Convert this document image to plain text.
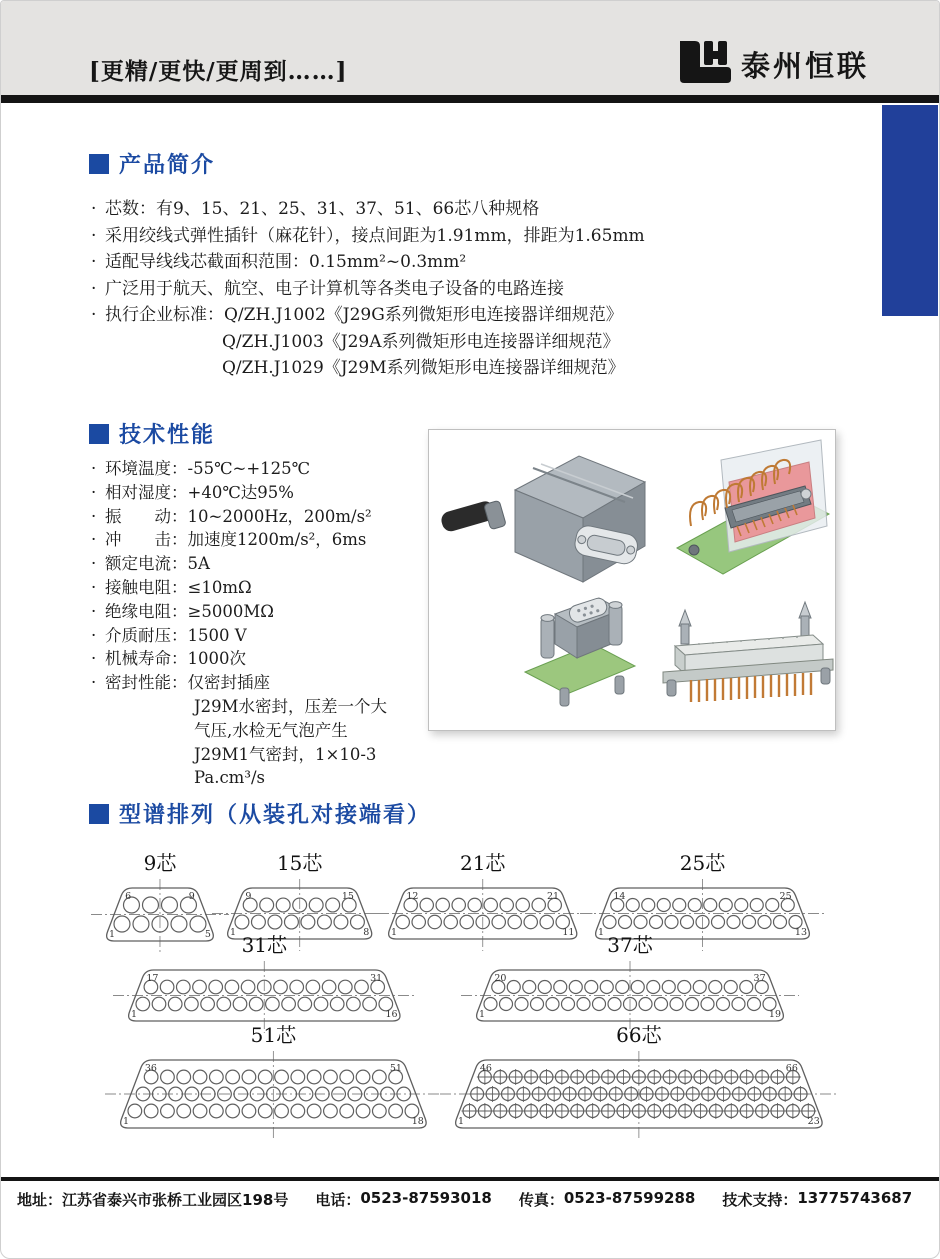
[更精/更快/更周到……]	泰州恒联
产品简介
· 芯数：有9、15、21、25、31、37、51、66芯八种规格
· 采用绞线式弹性插针（麻花针），接点间距为1.91mm，排距为1.65mm
· 适配导线线芯截面积范围：0.15mm²~0.3mm²
· 广泛用于航天、航空、电子计算机等各类电子设备的电路连接
· 执行企业标准：Q/ZH.J1002《J29G系列微矩形电连接器详细规范》
Q/ZH.J1003《J29A系列微矩形电连接器详细规范》
Q/ZH.J1029《J29M系列微矩形电连接器详细规范》
技术性能
· 环境温度：-55℃~+125℃
· 相对湿度：+40℃达95%
· 振　　动：10~2000Hz，200m/s²
· 冲　　击：加速度1200m/s²，6ms
· 额定电流：5A
· 接触电阻：≤10mΩ
· 绝缘电阻：≥5000MΩ
· 介质耐压：1500 V
· 机械寿命：1000次
· 密封性能：仅密封插座
J29M水密封，压差一个大
气压,水检无气泡产生
J29M1气密封，1×10-3 Pa.cm³/s
型谱排列（从装孔对接端看）
9芯
6	9
1	5
15芯
9	15
1	8
21芯
12	21
1	11
25芯
14	25
1	13
31芯
17	31
1	16
37芯
20	37
1	19
51芯
36	51
1	18
66芯
46	66
1	23
地址： 江苏省泰兴市张桥工业园区198号 电话： 0523-87593018 传真： 0523-87599288 技术支持： 13775743687
